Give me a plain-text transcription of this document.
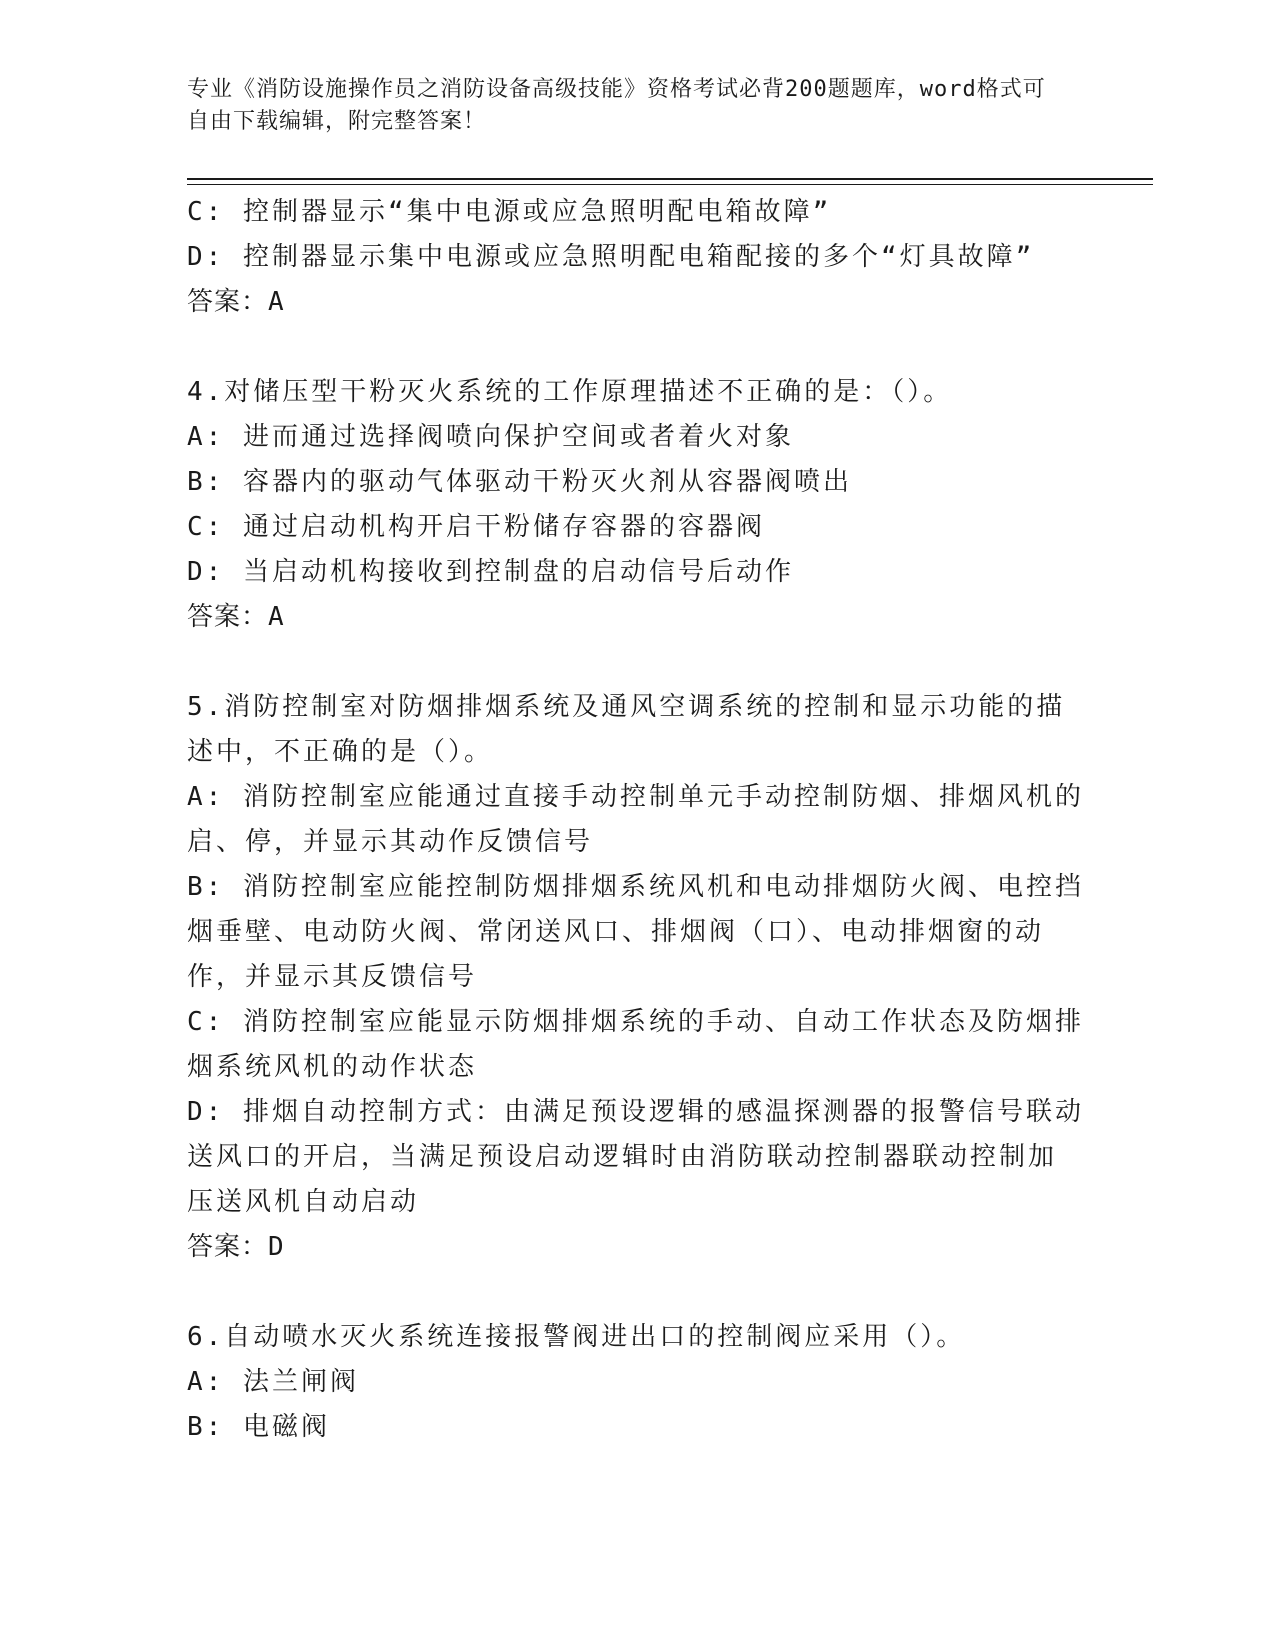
专业《消防设施操作员之消防设备高级技能》资格考试必背200题题库，word格式可自由下载编辑，附完整答案！

C: 控制器显示“集中电源或应急照明配电箱故障”

D: 控制器显示集中电源或应急照明配电箱配接的多个“灯具故障”

答案：A

4.对储压型干粉灭火系统的工作原理描述不正确的是：（）。

A: 进而通过选择阀喷向保护空间或者着火对象

B: 容器内的驱动气体驱动干粉灭火剂从容器阀喷出

C: 通过启动机构开启干粉储存容器的容器阀

D: 当启动机构接收到控制盘的启动信号后动作

答案：A

5.消防控制室对防烟排烟系统及通风空调系统的控制和显示功能的描

述中，不正确的是（）。

A: 消防控制室应能通过直接手动控制单元手动控制防烟、排烟风机的

启、停，并显示其动作反馈信号

B: 消防控制室应能控制防烟排烟系统风机和电动排烟防火阀、电控挡

烟垂壁、电动防火阀、常闭送风口、排烟阀（口）、电动排烟窗的动

作，并显示其反馈信号

C: 消防控制室应能显示防烟排烟系统的手动、自动工作状态及防烟排

烟系统风机的动作状态

D: 排烟自动控制方式：由满足预设逻辑的感温探测器的报警信号联动

送风口的开启，当满足预设启动逻辑时由消防联动控制器联动控制加

压送风机自动启动

答案：D

6.自动喷水灭火系统连接报警阀进出口的控制阀应采用（）。

A: 法兰闸阀

B: 电磁阀
